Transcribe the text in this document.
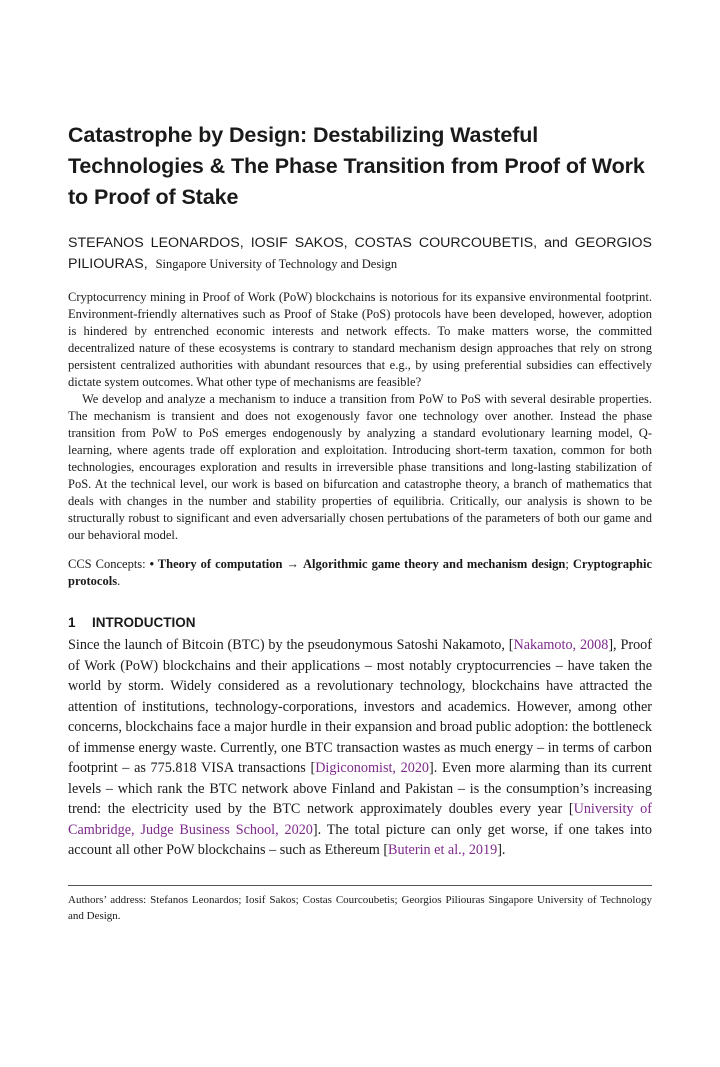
Catastrophe by Design: Destabilizing Wasteful Technologies & The Phase Transition from Proof of Work to Proof of Stake
STEFANOS LEONARDOS, IOSIF SAKOS, COSTAS COURCOUBETIS, and GEORGIOS PILIOURAS, Singapore University of Technology and Design

Cryptocurrency mining in Proof of Work (PoW) blockchains is notorious for its expansive environmental footprint. Environment-friendly alternatives such as Proof of Stake (PoS) protocols have been developed, however, adoption is hindered by entrenched economic interests and network effects. To make matters worse, the committed decentralized nature of these ecosystems is contrary to standard mechanism design approaches that rely on strong persistent centralized authorities with abundant resources that e.g., by using preferential subsidies can effectively dictate system outcomes. What other type of mechanisms are feasible?

We develop and analyze a mechanism to induce a transition from PoW to PoS with several desirable properties. The mechanism is transient and does not exogenously favor one technology over another. Instead the phase transition from PoW to PoS emerges endogenously by analyzing a standard evolutionary learning model, Q-learning, where agents trade off exploration and exploitation. Introducing short-term taxation, common for both technologies, encourages exploration and results in irreversible phase transitions and long-lasting stabilization of PoS. At the technical level, our work is based on bifurcation and catastrophe theory, a branch of mathematics that deals with changes in the number and stability properties of equilibria. Critically, our analysis is shown to be structurally robust to significant and even adversarially chosen pertubations of the parameters of both our game and our behavioral model.

CCS Concepts: • Theory of computation → Algorithmic game theory and mechanism design; Cryptographic protocols.
1 INTRODUCTION
Since the launch of Bitcoin (BTC) by the pseudonymous Satoshi Nakamoto, [Nakamoto, 2008], Proof of Work (PoW) blockchains and their applications – most notably cryptocurrencies – have taken the world by storm. Widely considered as a revolutionary technology, blockchains have attracted the attention of institutions, technology-corporations, investors and academics. However, among other concerns, blockchains face a major hurdle in their expansion and broad public adoption: the bottleneck of immense energy waste. Currently, one BTC transaction wastes as much energy – in terms of carbon footprint – as 775.818 VISA transactions [Digiconomist, 2020]. Even more alarming than its current levels – which rank the BTC network above Finland and Pakistan – is the consumption’s increasing trend: the electricity used by the BTC network approximately doubles every year [University of Cambridge, Judge Business School, 2020]. The total picture can only get worse, if one takes into account all other PoW blockchains – such as Ethereum [Buterin et al., 2019].
Authors’ address: Stefanos Leonardos; Iosif Sakos; Costas Courcoubetis; Georgios Piliouras Singapore University of Technology and Design.
